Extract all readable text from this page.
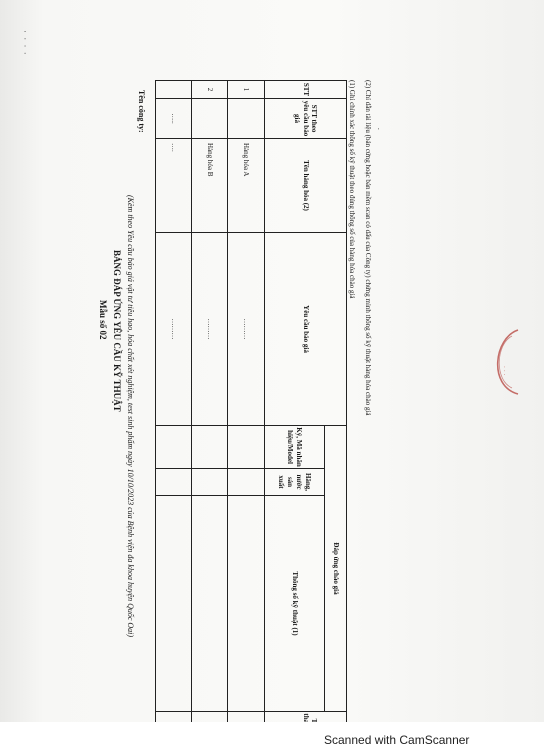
· · · ·
'
Mẫu số 02 BẢNG ĐÁP ỨNG YÊU CẦU KỸ THUẬT (Kèm theo Yêu cầu báo giá vật tư tiêu hao, hóa chất xét nghiệm, test sinh phẩm ngày 10/10/2023 của Bệnh viện đa khoa huyện Quốc Oai)
Tên công ty:
STT	STT theo yêu cầu báo giá	Tên hàng hóa (2)	Yêu cầu báo giá	Đáp ứng chào giá	
				Ký, Mã nhãn hiệu/Model	Hãng, nước sản xuất	Thông số kỹ thuật (1)	
1		Hàng hóa A	………				
2		Hàng hóa B	………				
	…..	….	………				
(1) Ghi chính xác thông số kỹ thuật theo đúng thông số của hàng hóa chào giá (2) Chỉ dẫn tài liệu (bản cứng hoặc bản mềm scan có dấu của Công ty) chứng minh thông số kỹ thuật hàng hóa chào giá	· · ·
Scanned with CamScanner
